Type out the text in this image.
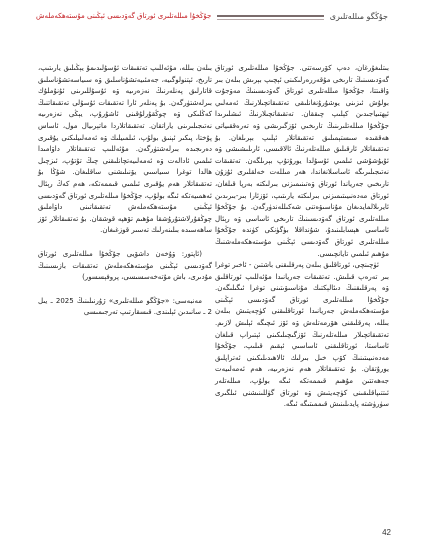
جۇڭگو مىللەتلىرى
جۇڭخۇا مىللەتلىرى ئورتاق گەۋدىسى ئېڭىنى مۇستەھكەملەش

بىتلىغۇرغان، دەپ كۆرسەتتى. جۇڭخۇا مىللەتلىرى ئورتاق گەۋدىسىنىڭ تارىخى مۇقەررەرلىكىنى ئېچىپ بېرىش بىلەن بىر ۋاقىتتا، جۇڭخۇا مىللەتلىرى ئورتاق گەۋدىسىنىڭ مەۋجۇت بولۇش ئىزىنى يوشۇرۇنغانلىقى تەتقىقاتچىلارنىڭ ئەمەلىي ئېھتىياجىدىن كېلىپ چىققان. تەتقىقاتچىلارنىڭ ئىشلىرىدا جۇڭخۇا مىللەتلىرىنىڭ تارىخىي ئۆزگىرىشى ۋە تەرەققىياتى ھەققىدە سىستېمىلىق تەتقىقاتلار ئېلىپ بېرىلغان. بۇ تەتقىقاتلار ئارقىلىق مىللەتلەرنىڭ ئالاقىسى، ئارىلىشىشى ۋە ئۇيۇشۇشى ئىلمىي ئۇسۇلدا يورۇتۇپ بېرىلگەن. تەتقىقات نەتىجىلىرىگە ئاساسلانغاندا، ھەر مىللەت خەلقلىرى ئۇزۇن تارىخىي جەرياندا ئورتاق ۋەتىنىمىزنى بىرلىكتە بەرپا قىلغان، ئورتاق مەدەنىيىتىمىزنى بىرلىكتە يارىتىپ، ئۆزئارا بىر-بىرىدىن ئايرىلالمايدىغان مۇناسىۋەتنى شەكىللەندۈرگەن. بۇ جۇڭخۇا مىللەتلىرى ئورتاق گەۋدىسىنىڭ تارىخى ئاساسى ۋە رېئال ئاساسى ھېسابلىنىدۇ، شۇنداقلا بۈگۈنكى كۈندە جۇڭخۇا مىللەتلىرى ئورتاق گەۋدىسى ئېڭىنى مۇستەھكەملەشنىڭ مۇھىم ئىلمىي تايانچىسى.

ئۈچىنچى، ئورتاقلىق بىلەن پەرقلىقنى باشتىن - ئاخىر توغرا بىر تەرەپ قىلىش. تەتقىقات جەريانىدا مۇئەللىپ ئورتاقلىق ۋە پەرقلىقنىڭ دىئالېكتىك مۇناسىۋىتىنى توغرا ئىگىلىگەن. جۇڭخۇا مىللەتلىرى ئورتاق گەۋدىسى ئېڭىنى مۇستەھكەملەش جەريانىدا ئورتاقلىقنى كۈچەيتىش بىلەن بىللە، پەرقلىقنى ھۆرمەتلەش ۋە ئۆز ئىچىگە ئېلىش لازىم. تەتقىقاتچىلار مىللەتلەرنىڭ ئۆزگىچىلىكىنى ئېتىراپ قىلغان ئاساستا، ئورتاقلىقنى ئاساسىي ئېقىم قىلىپ، جۇڭخۇا مەدەنىيىتىنىڭ كۆپ خىل بىرلىك ئالاھىدىلىكىنى ئەتراپلىق يورۇتقان. بۇ تەتقىقاتلار ھەم نەزەرىيە، ھەم ئەمەلىيەت جەھەتتىن مۇھىم قىممەتكە ئىگە بولۇپ، مىللەتلەر ئىتتىپاقلىقىنى كۈچەيتىش ۋە ئورتاق گۈللىنىشنى ئىلگىرى سۈرۈشتە پايدىلىنىش قىممىتىگە ئىگە.

بىلەن بىللە، مۇئەللىپ تەتقىقات ئۇسۇلىدىمۇ يېڭىلىق يارىتىپ، تارىخ، ئېتنولوگىيە، جەمئىيەتشۇناسلىق ۋە سىياسەتشۇناسلىق قاتارلىق پەنلەرنىڭ نەزەرىيە ۋە ئۇسۇللىرىنى ئۇنۇملۇك بىرلەشتۈرگەن. بۇ پەنلەر ئارا تەتقىقات ئۇسۇلى تەتقىقاتنىڭ كەڭلىكى ۋە چوڭقۇرلۇقىنى ئاشۇرۇپ، يېڭى نەزەرىيە نەتىجىلىرىنى ياراتقان. تەتقىقاتلاردا ماتېرىيال مول، ئاساس پۇختا، پىكىر ئېنىق بولۇپ، ئىلمىيلىك ۋە ئەمەلىيلىكنى يۇقىرى دەرىجىدە بىرلەشتۈرگەن. مۇئەللىپ تەتقىقاتلار داۋامىدا ئىلمىي ئادالەت ۋە ئەمەلىيەتچانلىقنى چىڭ تۇتۇپ، ئىزچىل ھالدا توغرا سىياسىي يۆنىلىشنى ساقلىغان. شۇڭا بۇ تەتقىقاتلار ھەم يۇقىرى ئىلمىي قىممەتكە، ھەم كەڭ رېئال ئەھمىيەتكە ئىگە بولۇپ، جۇڭخۇا مىللەتلىرى ئورتاق گەۋدىسى ئېڭىنى مۇستەھكەملەش تەتقىقاتىنى داۋاملىق چوڭقۇرلاشتۇرۇشقا مۇھىم تۆھپە قوشقان. بۇ تەتقىقاتلار ئۆز ساھەسىدە بىلىنەرلىك تەسىر قوزغىغان.

(ئاپتور: ۋۇخەن داشۆيى جۇڭخۇا مىللەتلىرى ئورتاق گەۋدىسى ئېڭىنى مۇستەھكەملەش تەتقىقات بازىسىنىڭ مۇدىرى، باش مۇتەخەسسىسى، پروفېسسور)

مەنبەسى: «جۇڭگو مىللەتلىرى» ژۇرنىلىنىڭ 2025 ـ يىل 2 ـ سانىدىن ئېلىندى. قىسقارتىپ تەرجىمىسى

42
